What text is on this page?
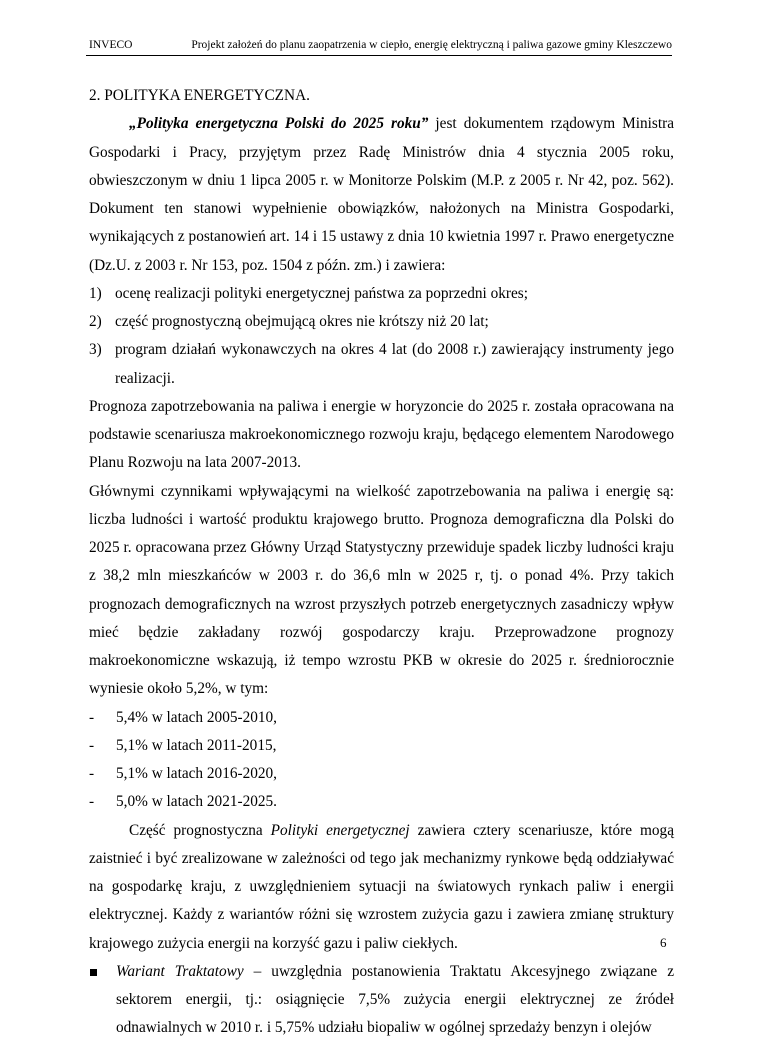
INVECO	Projekt założeń do planu zaopatrzenia w ciepło, energię elektryczną i paliwa gazowe gminy Kleszczewo

2. POLITYKA ENERGETYCZNA.

„Polityka energetyczna Polski do 2025 roku” jest dokumentem rządowym Ministra Gospodarki i Pracy, przyjętym przez Radę Ministrów dnia 4 stycznia 2005 roku, obwieszczonym w dniu 1 lipca 2005 r. w Monitorze Polskim (M.P. z 2005 r. Nr 42, poz. 562). Dokument ten stanowi wypełnienie obowiązków, nałożonych na Ministra Gospodarki, wynikających z postanowień art. 14 i 15 ustawy z dnia 10 kwietnia 1997 r. Prawo energetyczne (Dz.U. z 2003 r. Nr 153, poz. 1504 z późn. zm.) i zawiera:

1) ocenę realizacji polityki energetycznej państwa za poprzedni okres;
2) część prognostyczną obejmującą okres nie krótszy niż 20 lat;
3) program działań wykonawczych na okres 4 lat (do 2008 r.) zawierający instrumenty jego realizacji.

Prognoza zapotrzebowania na paliwa i energie w horyzoncie do 2025 r. została opracowana na podstawie scenariusza makroekonomicznego rozwoju kraju, będącego elementem Narodowego Planu Rozwoju na lata 2007-2013.

Głównymi czynnikami wpływającymi na wielkość zapotrzebowania na paliwa i energię są: liczba ludności i wartość produktu krajowego brutto. Prognoza demograficzna dla Polski do 2025 r. opracowana przez Główny Urząd Statystyczny przewiduje spadek liczby ludności kraju z 38,2 mln mieszkańców w 2003 r. do 36,6 mln w 2025 r, tj. o ponad 4%. Przy takich prognozach demograficznych na wzrost przyszłych potrzeb energetycznych zasadniczy wpływ mieć będzie zakładany rozwój gospodarczy kraju. Przeprowadzone prognozy makroekonomiczne wskazują, iż tempo wzrostu PKB w okresie do 2025 r. średniorocznie wyniesie około 5,2%, w tym:

- 5,4% w latach 2005-2010,
- 5,1% w latach 2011-2015,
- 5,1% w latach 2016-2020,
- 5,0% w latach 2021-2025.

Część prognostyczna Polityki energetycznej zawiera cztery scenariusze, które mogą zaistnieć i być zrealizowane w zależności od tego jak mechanizmy rynkowe będą oddziaływać na gospodarkę kraju, z uwzględnieniem sytuacji na światowych rynkach paliw i energii elektrycznej. Każdy z wariantów różni się wzrostem zużycia gazu i zawiera zmianę struktury krajowego zużycia energii na korzyść gazu i paliw ciekłych.

Wariant Traktatowy – uwzględnia postanowienia Traktatu Akcesyjnego związane z sektorem energii, tj.: osiągnięcie 7,5% zużycia energii elektrycznej ze źródeł odnawialnych w 2010 r. i 5,75% udziału biopaliw w ogólnej sprzedaży benzyn i olejów
6
